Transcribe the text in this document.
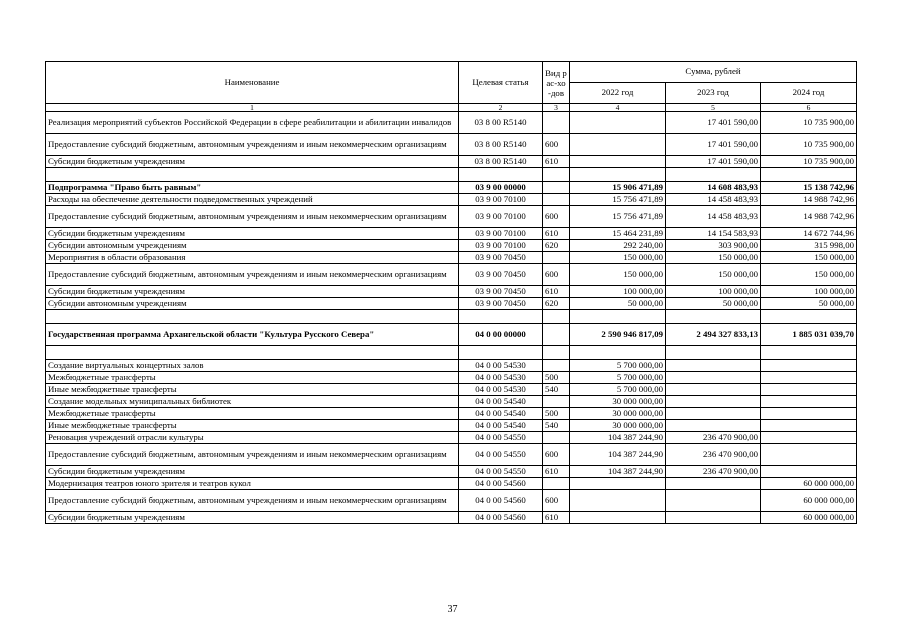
Наименование	Целевая статья	Вид рас-хо-дов	Сумма, рублей		
			2022 год	2023 год	2024 год
1	2	3	4	5	6
Реализация мероприятий субъектов Российской Федерации в сфере реабилитации и абилитации инвалидов	03 8 00 R5140			17 401 590,00	10 735 900,00
Предоставление субсидий бюджетным, автономным учреждениям и иным некоммерческим организациям	03 8 00 R5140	600		17 401 590,00	10 735 900,00
Субсидии бюджетным учреждениям	03 8 00 R5140	610		17 401 590,00	10 735 900,00

Подпрограмма "Право быть равным"	03 9 00 00000		15 906 471,89	14 608 483,93	15 138 742,96
Расходы на обеспечение деятельности подведомственных учреждений	03 9 00 70100		15 756 471,89	14 458 483,93	14 988 742,96
Предоставление субсидий бюджетным, автономным учреждениям и иным некоммерческим организациям	03 9 00 70100	600	15 756 471,89	14 458 483,93	14 988 742,96
Субсидии бюджетным учреждениям	03 9 00 70100	610	15 464 231,89	14 154 583,93	14 672 744,96
Субсидии автономным учреждениям	03 9 00 70100	620	292 240,00	303 900,00	315 998,00
Мероприятия в области образования	03 9 00 70450		150 000,00	150 000,00	150 000,00
Предоставление субсидий бюджетным, автономным учреждениям и иным некоммерческим организациям	03 9 00 70450	600	150 000,00	150 000,00	150 000,00
Субсидии бюджетным учреждениям	03 9 00 70450	610	100 000,00	100 000,00	100 000,00
Субсидии автономным учреждениям	03 9 00 70450	620	50 000,00	50 000,00	50 000,00

Государственная программа Архангельской области "Культура Русского Севера"	04 0 00 00000		2 590 946 817,09	2 494 327 833,13	1 885 031 039,70

Создание виртуальных концертных залов	04 0 00 54530		5 700 000,00		
Межбюджетные трансферты	04 0 00 54530	500	5 700 000,00		
Иные межбюджетные трансферты	04 0 00 54530	540	5 700 000,00		
Создание модельных муниципальных библиотек	04 0 00 54540		30 000 000,00		
Межбюджетные трансферты	04 0 00 54540	500	30 000 000,00		
Иные межбюджетные трансферты	04 0 00 54540	540	30 000 000,00		
Реновация учреждений отрасли культуры	04 0 00 54550		104 387 244,90	236 470 900,00	
Предоставление субсидий бюджетным, автономным учреждениям и иным некоммерческим организациям	04 0 00 54550	600	104 387 244,90	236 470 900,00	
Субсидии бюджетным учреждениям	04 0 00 54550	610	104 387 244,90	236 470 900,00	
Модернизация театров юного зрителя и театров кукол	04 0 00 54560				60 000 000,00
Предоставление субсидий бюджетным, автономным учреждениям и иным некоммерческим организациям	04 0 00 54560	600			60 000 000,00
Субсидии бюджетным учреждениям	04 0 00 54560	610			60 000 000,00
37
